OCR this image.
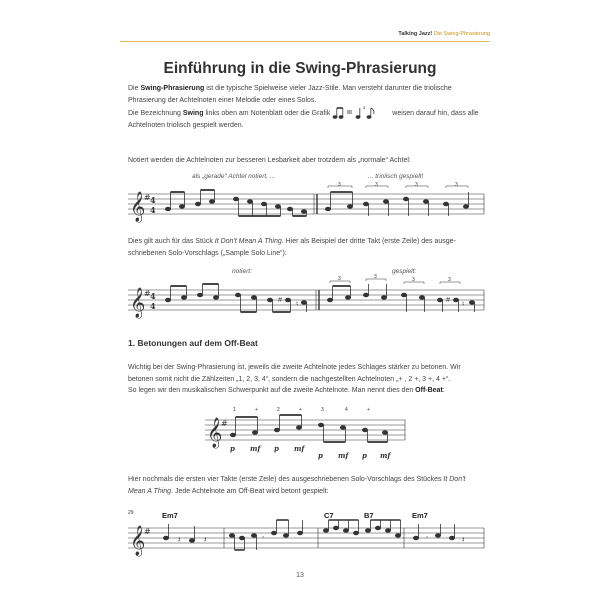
Talking Jazz! Die Swing-Phrasierung
Einführung in die Swing-Phrasierung
Die Swing-Phrasierung ist die typische Spielweise vieler Jazz-Stile. Man versteht darunter die triolische
Phrasierung der Achtelnoten einer Melodie oder eines Solos.
Die Bezeichnung Swing links oben am Notenblatt oder die Grafik
3
weisen darauf hin, dass alle
Achtelnoten triolisch gespielt werden.
Notiert werden die Achtelnoten zur besseren Lesbarkeit aber trotzdem als „normale“ Achtel:
als „gerade“ Achtel notiert, ...	... triolisch gespielt!
𝄞
# 4
4
3	3	3	3
Dies gilt auch für das Stück It Don't Mean A Thing. Hier als Beispiel der dritte Takt (erste Zeile) des ausge-
schriebenen Solo-Vorschlags („Sample Solo Line“):
notiert:	gespielt:
𝄞
# 4
4
#
♮
#
♮
3	3	3	3
1. Betonungen auf dem Off-Beat
Wichtig bei der Swing-Phrasierung ist, jeweils die zweite Achtelnote jedes Schlages stärker zu betonen. Wir
betonen somit nicht die Zählzeiten „1, 2, 3, 4“, sondern die nachgestellten Achtelnoten „+ , 2 +, 3 +, 4 +“.
So legen wir den musikalischen Schwerpunkt auf die zweite Achtelnote. Man nennt dies den Off-Beat:
1	+	2	+	3	4	+
𝄞
#
p mf p mf
p mf p mf
Hier nochmals die ersten vier Takte (erste Zeile) des ausgeschriebenen Solo-Vorschlags des Stückes It Don't
Mean A Thing. Jede Achtelnote am Off-Beat wird betont gespielt:
29	Em7	C7	B7	Em7
𝄞
#
𝄽	𝄽	𝄾	𝄾	𝄽
13
